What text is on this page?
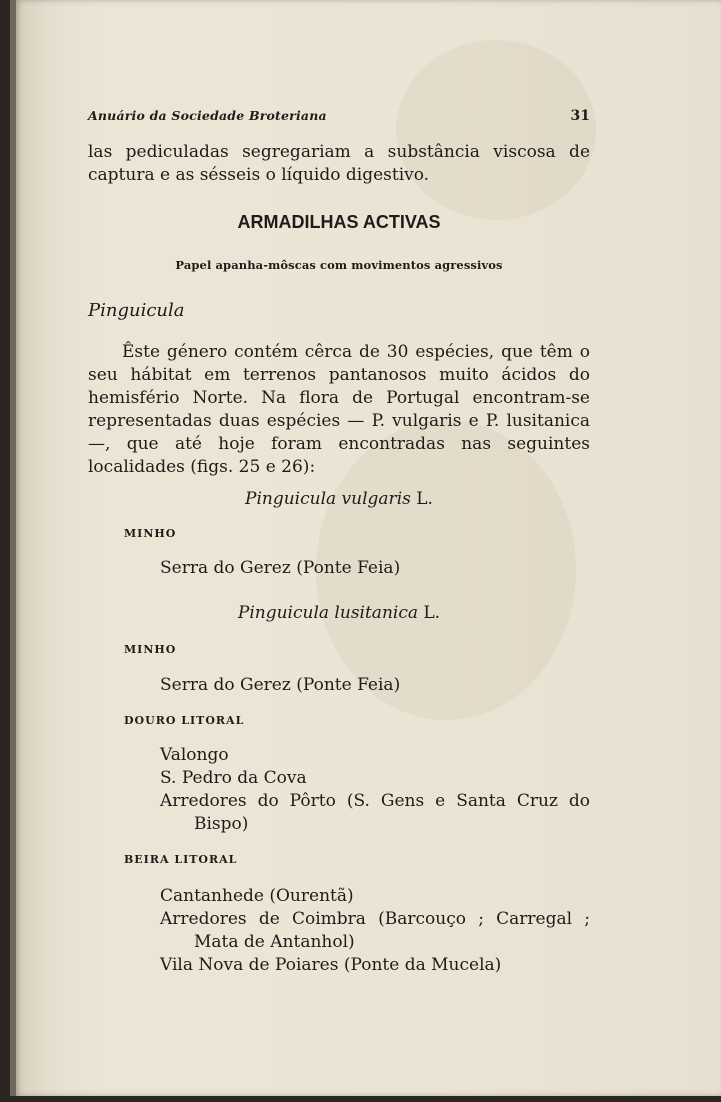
Anuário da Sociedade Broteriana	31

las pediculadas segregariam a substância viscosa de captura e as sésseis o líquido digestivo.

ARMADILHAS ACTIVAS
Papel apanha-môscas com movimentos agressivos
Pinguicula

Êste género contém cêrca de 30 espécies, que têm o seu hábitat em terrenos pantanosos muito ácidos do hemisfério Norte. Na flora de Portugal encontram-se representadas duas espécies — P. vulgaris e P. lusitanica —, que até hoje foram encontradas nas seguintes localidades (figs. 25 e 26):

Pinguicula vulgaris L.
MINHO
Serra do Gerez (Ponte Feia)
Pinguicula lusitanica L.
MINHO
Serra do Gerez (Ponte Feia)
DOURO LITORAL
Valongo
S. Pedro da Cova
Arredores do Pôrto (S. Gens e Santa Cruz do Bispo)
BEIRA LITORAL
Cantanhede (Ourentã)
Arredores de Coimbra (Barcouço ; Carregal ; Mata de Antanhol)
Vila Nova de Poiares (Ponte da Mucela)
